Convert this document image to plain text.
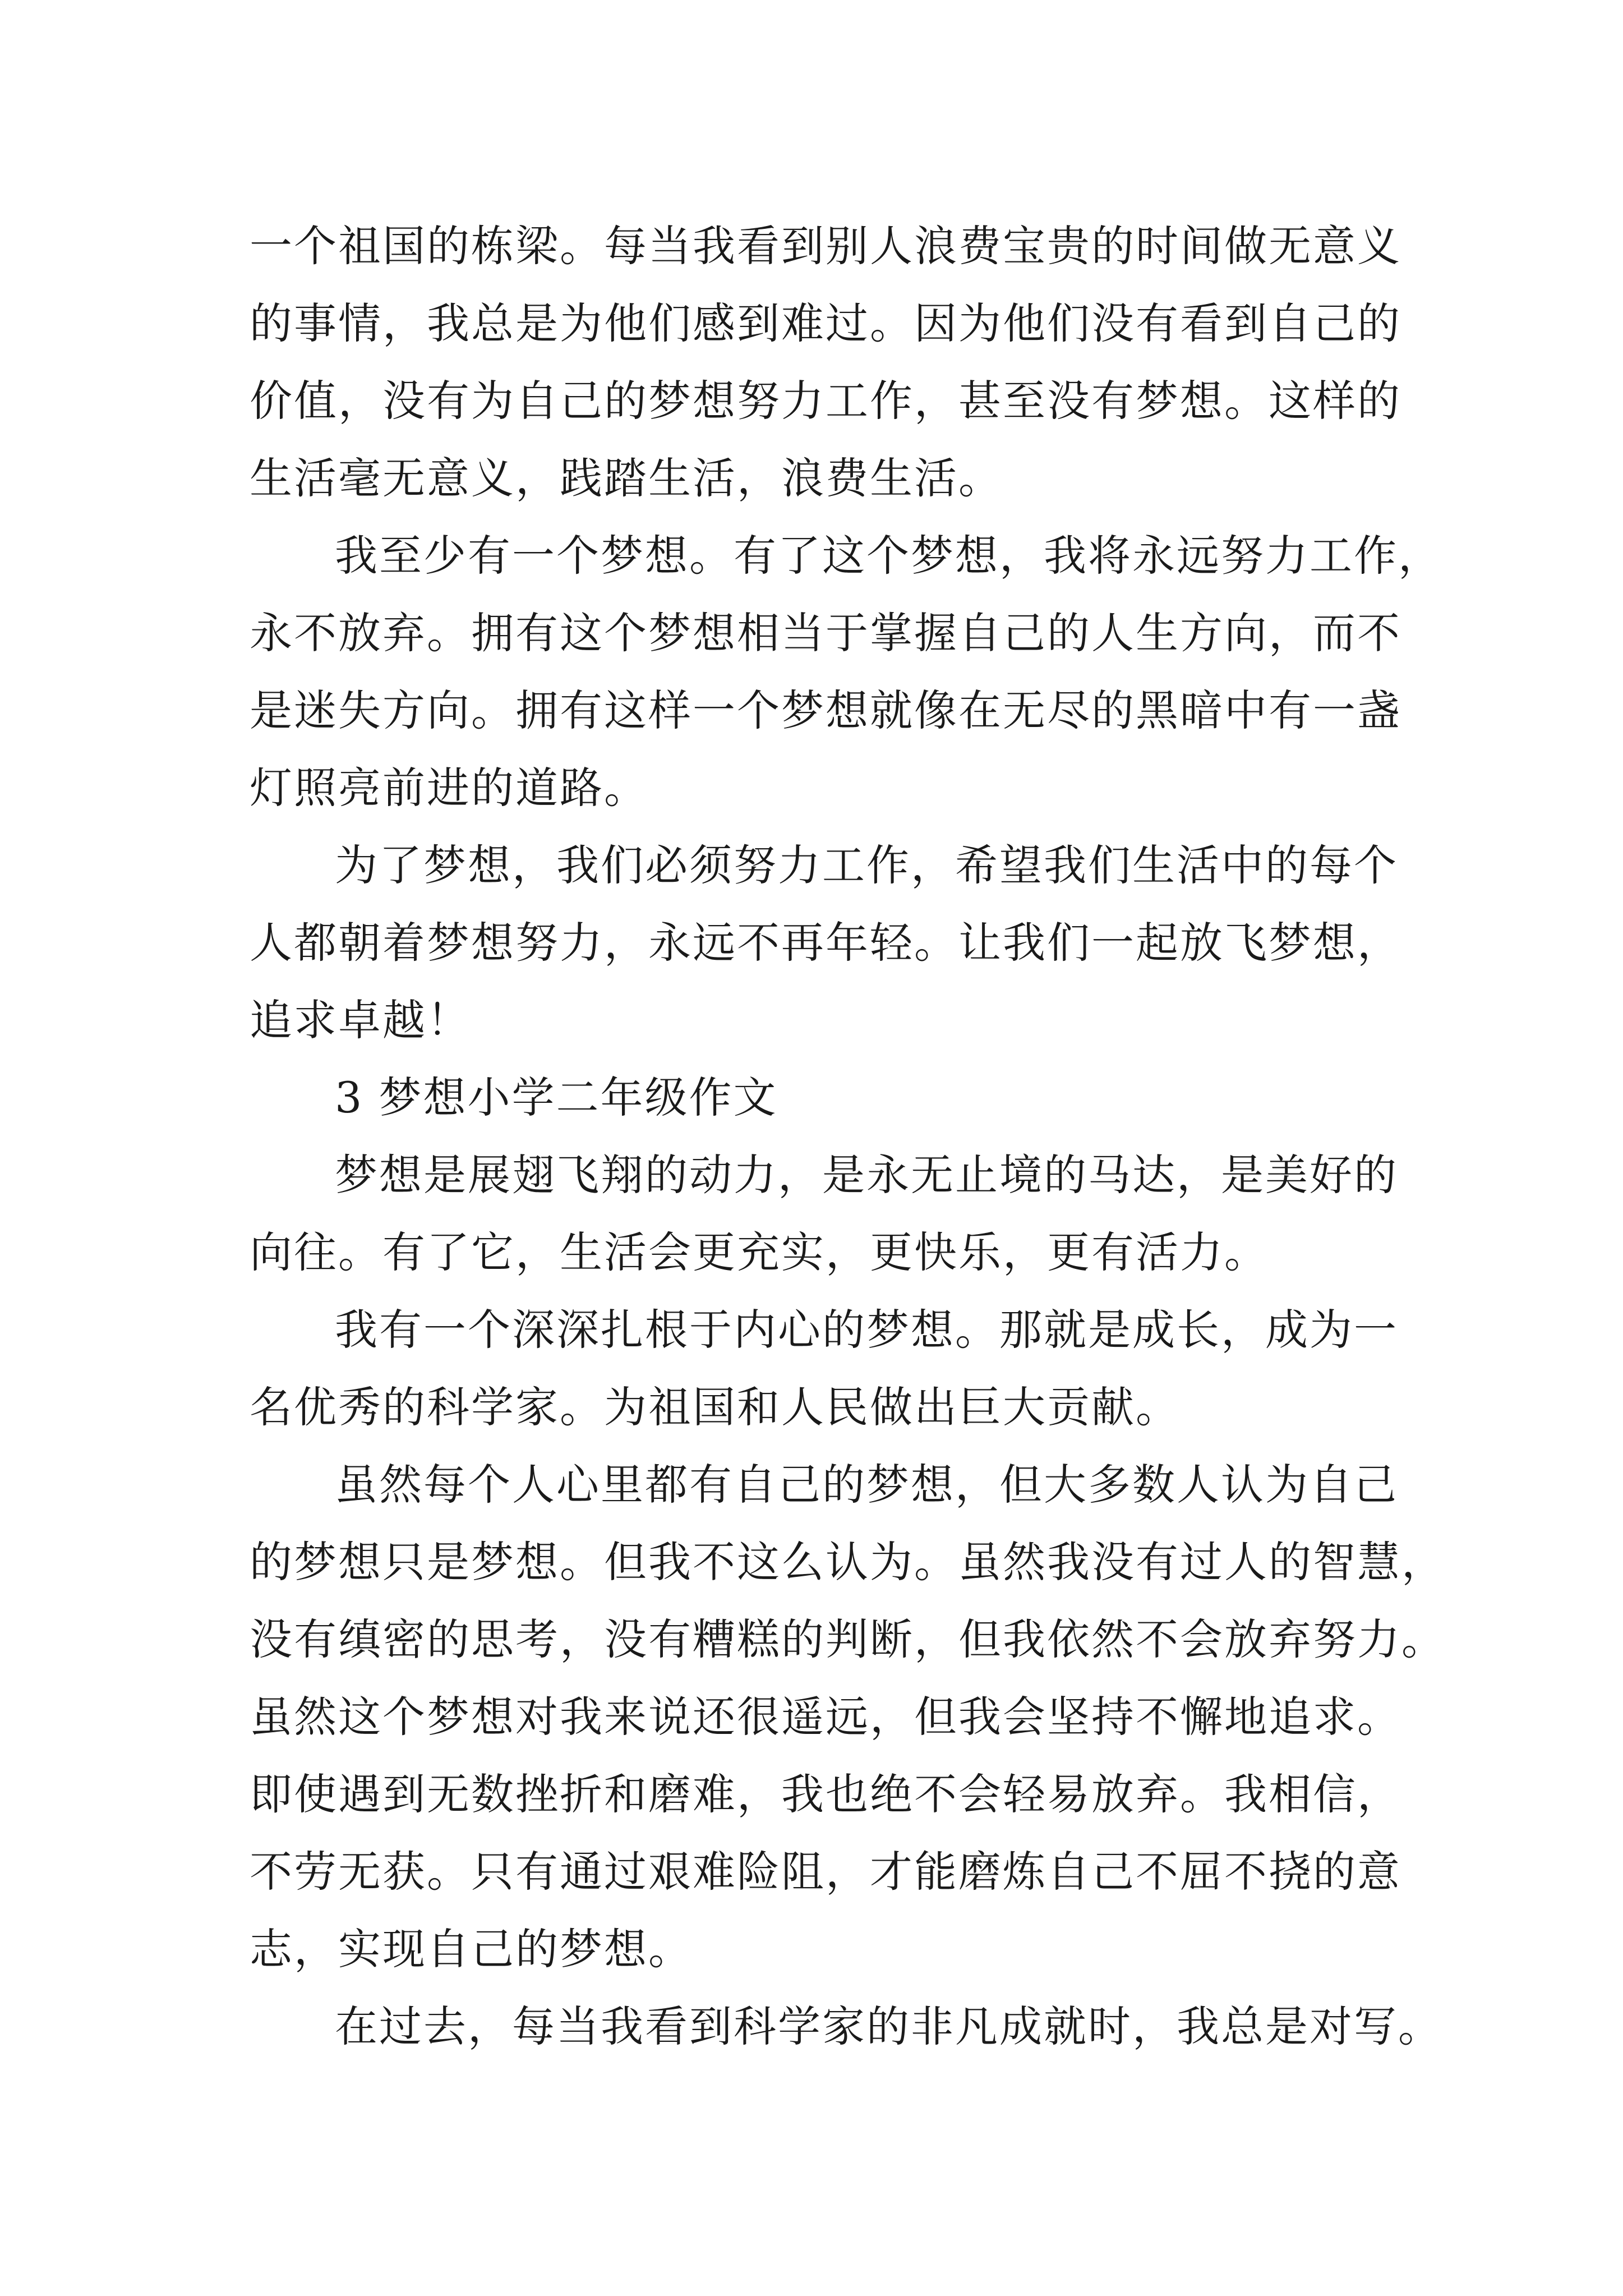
一个祖国的栋梁。每当我看到别人浪费宝贵的时间做无意义
的事情，我总是为他们感到难过。因为他们没有看到自己的
价值，没有为自己的梦想努力工作，甚至没有梦想。这样的
生活毫无意义，践踏生活，浪费生活。
我至少有一个梦想。有了这个梦想，我将永远努力工作，
永不放弃。拥有这个梦想相当于掌握自己的人生方向，而不
是迷失方向。拥有这样一个梦想就像在无尽的黑暗中有一盏
灯照亮前进的道路。
为了梦想，我们必须努力工作，希望我们生活中的每个
人都朝着梦想努力，永远不再年轻。让我们一起放飞梦想，
追求卓越！
3 梦想小学二年级作文
梦想是展翅飞翔的动力，是永无止境的马达，是美好的
向往。有了它，生活会更充实，更快乐，更有活力。
我有一个深深扎根于内心的梦想。那就是成长，成为一
名优秀的科学家。为祖国和人民做出巨大贡献。
虽然每个人心里都有自己的梦想，但大多数人认为自己
的梦想只是梦想。但我不这么认为。虽然我没有过人的智慧，
没有缜密的思考，没有糟糕的判断，但我依然不会放弃努力。
虽然这个梦想对我来说还很遥远，但我会坚持不懈地追求。
即使遇到无数挫折和磨难，我也绝不会轻易放弃。我相信，
不劳无获。只有通过艰难险阻，才能磨炼自己不屈不挠的意
志，实现自己的梦想。
在过去，每当我看到科学家的非凡成就时，我总是对写。
